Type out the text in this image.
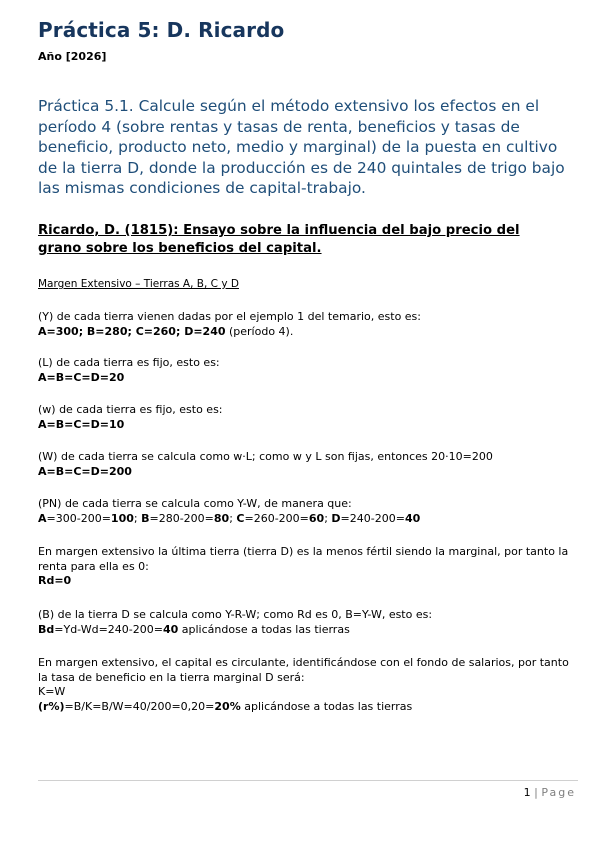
Práctica 5: D. Ricardo
Año [2026]
Práctica 5.1. Calcule según el método extensivo los efectos en el período 4 (sobre rentas y tasas de renta, beneficios y tasas de beneficio, producto neto, medio y marginal) de la puesta en cultivo de la tierra D, donde la producción es de 240 quintales de trigo bajo las mismas condiciones de capital-trabajo.
Ricardo, D. (1815): Ensayo sobre la influencia del bajo precio del grano sobre los beneficios del capital.
Margen Extensivo – Tierras A, B, C y D
(Y) de cada tierra vienen dadas por el ejemplo 1 del temario, esto es:
A=300; B=280; C=260; D=240 (período 4).
(L) de cada tierra es fijo, esto es:
A=B=C=D=20
(w) de cada tierra es fijo, esto es:
A=B=C=D=10
(W) de cada tierra se calcula como w·L; como w y L son fijas, entonces 20·10=200
A=B=C=D=200
(PN) de cada tierra se calcula como Y-W, de manera que:
A=300-200=100; B=280-200=80; C=260-200=60; D=240-200=40
En margen extensivo la última tierra (tierra D) es la menos fértil siendo la marginal, por tanto la renta para ella es 0:
Rd=0
(B) de la tierra D se calcula como Y-R-W; como Rd es 0, B=Y-W, esto es:
Bd=Yd-Wd=240-200=40 aplicándose a todas las tierras
En margen extensivo, el capital es circulante, identificándose con el fondo de salarios, por tanto la tasa de beneficio en la tierra marginal D será:
K=W
(r%)=B/K=B/W=40/200=0,20=20% aplicándose a todas las tierras
1 | Page
